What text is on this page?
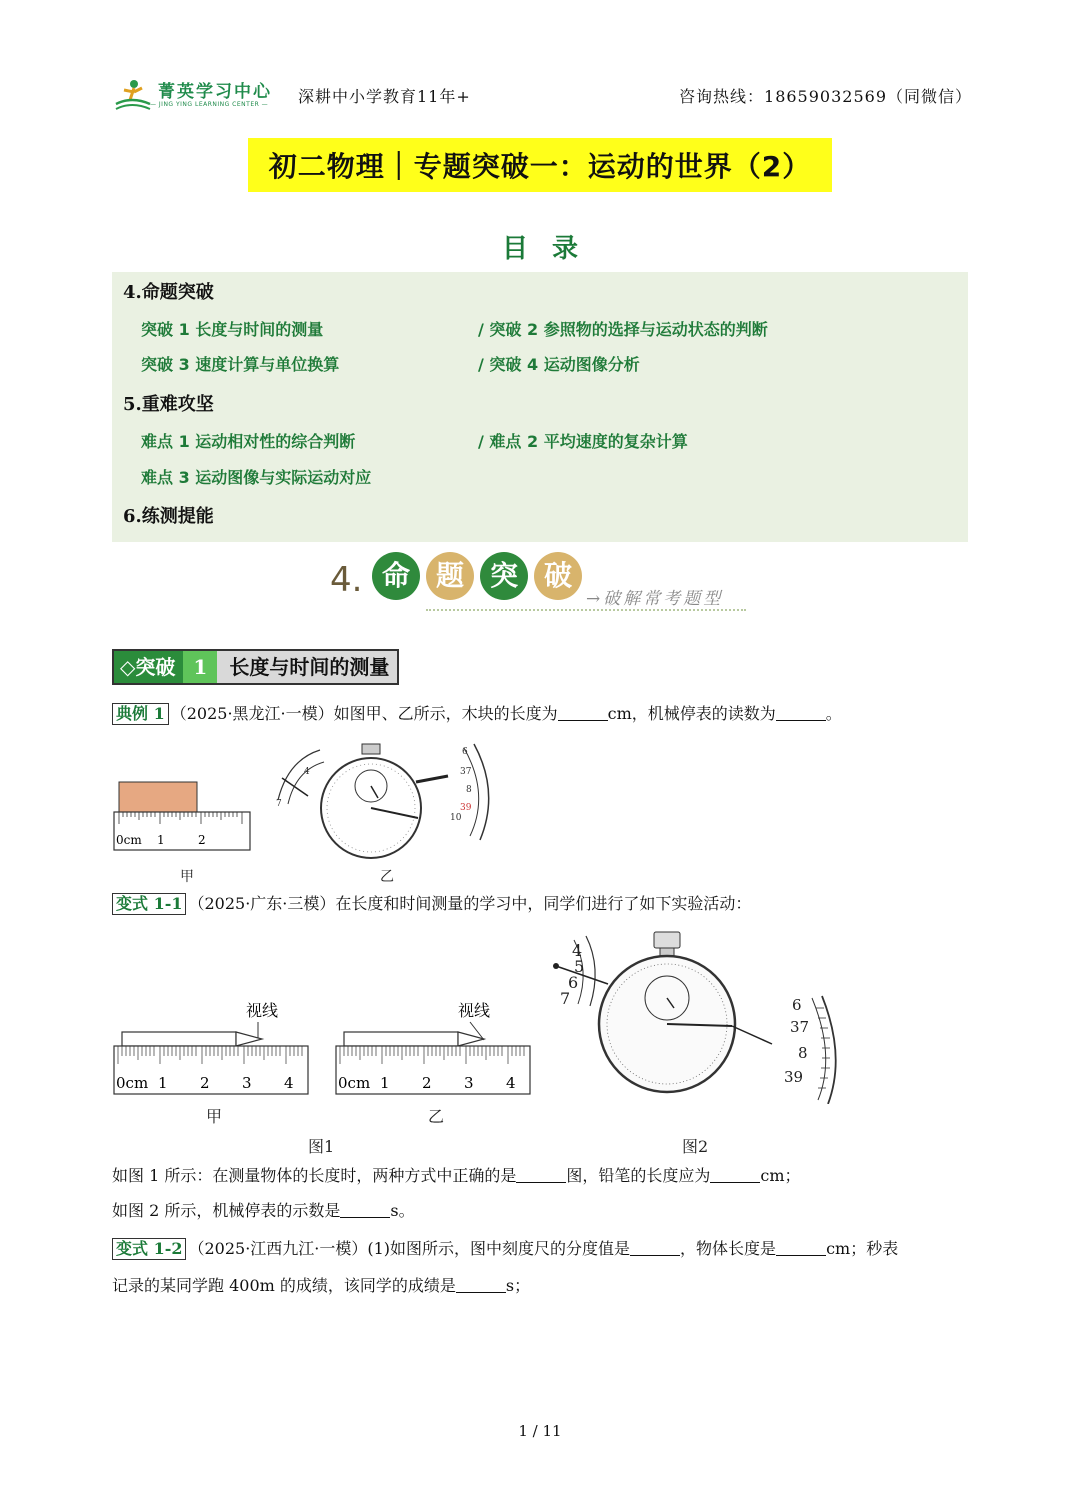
菁英学习中心
— JING YING LEARNING CENTER — 深耕中小学教育11年+	咨询热线：18659032569（同微信）
初二物理｜专题突破一：运动的世界（2）
目录
4.命题突破
突破 1 长度与时间的测量	/ 突破 2 参照物的选择与运动状态的判断
突破 3 速度计算与单位换算	/ 突破 4 运动图像分析
5.重难攻坚
难点 1 运动相对性的综合判断	/ 难点 2 平均速度的复杂计算
难点 3 运动图像与实际运动对应
6.练测提能
4. 命 题 突 破
→破解常考题型
◇突破 1	长度与时间的测量
典例 1 （2025·黑龙江·一模）如图甲、乙所示，木块的长度为	cm，机械停表的读数为	。
0cm 1	2
甲
6
37
8
39
10
4
7
乙
变式 1-1 （2025·广东·三模）在长度和时间测量的学习中，同学们进行了如下实验活动：
视线
0cm 1 2 3 4
甲
视线
0cm 1 2 3 4
乙
图1
4
5
6
7	6
37
8
39
图2
如图 1 所示：在测量物体的长度时，两种方式中正确的是	图，铅笔的长度应为	cm；
如图 2 所示，机械停表的示数是	s。
变式 1-2 （2025·江西九江·一模）(1)如图所示，图中刻度尺的分度值是	，物体长度是	cm；秒表
记录的某同学跑 400m 的成绩，该同学的成绩是	s；
1 / 11
